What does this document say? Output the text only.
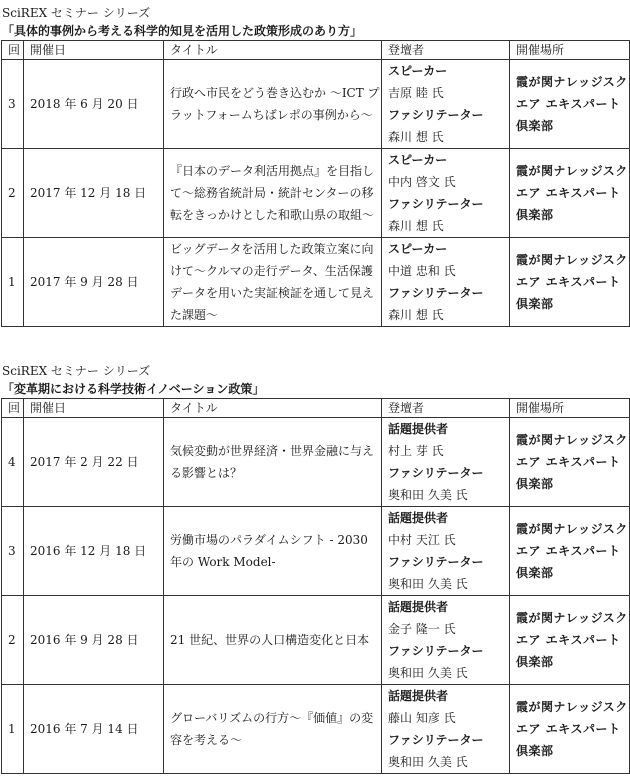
SciREX セミナー シリーズ

「具体的事例から考える科学的知見を活用した政策形成のあり方」

回	開催日	タイトル	登壇者	開催場所
3	2018 年 6 月 20 日	行政へ市民をどう巻き込むか ～ICT プラットフォームちばレポの事例から～	スピーカー
吉原 睦 氏
ファシリテーター
森川 想 氏	霞が関ナレッジスクエア エキスパート倶楽部
2	2017 年 12 月 18 日	『日本のデータ利活用拠点』を目指して～総務省統計局・統計センターの移転をきっかけとした和歌山県の取組～	スピーカー
中内 啓文 氏
ファシリテーター
森川 想 氏	霞が関ナレッジスクエア エキスパート倶楽部
1	2017 年 9 月 28 日	ビッグデータを活用した政策立案に向けて～クルマの走行データ、生活保護データを用いた実証検証を通して見えた課題～	スピーカー
中道 忠和 氏
ファシリテーター
森川 想 氏	霞が関ナレッジスクエア エキスパート倶楽部

SciREX セミナー シリーズ

「変革期における科学技術イノベーション政策」

回	開催日	タイトル	登壇者	開催場所
4	2017 年 2 月 22 日	気候変動が世界経済・世界金融に与える影響とは？	話題提供者
村上 芽 氏
ファシリテーター
奥和田 久美 氏	霞が関ナレッジスクエア エキスパート倶楽部
3	2016 年 12 月 18 日	労働市場のパラダイムシフト - 2030 年の Work Model-	話題提供者
中村 天江 氏
ファシリテーター
奥和田 久美 氏	霞が関ナレッジスクエア エキスパート倶楽部
2	2016 年 9 月 28 日	21 世紀、世界の人口構造変化と日本	話題提供者
金子 隆一 氏
ファシリテーター
奥和田 久美 氏	霞が関ナレッジスクエア エキスパート倶楽部
1	2016 年 7 月 14 日	グローバリズムの行方～『価値』の変容を考える～	話題提供者
藤山 知彦 氏
ファシリテーター
奥和田 久美 氏	霞が関ナレッジスクエア エキスパート倶楽部
